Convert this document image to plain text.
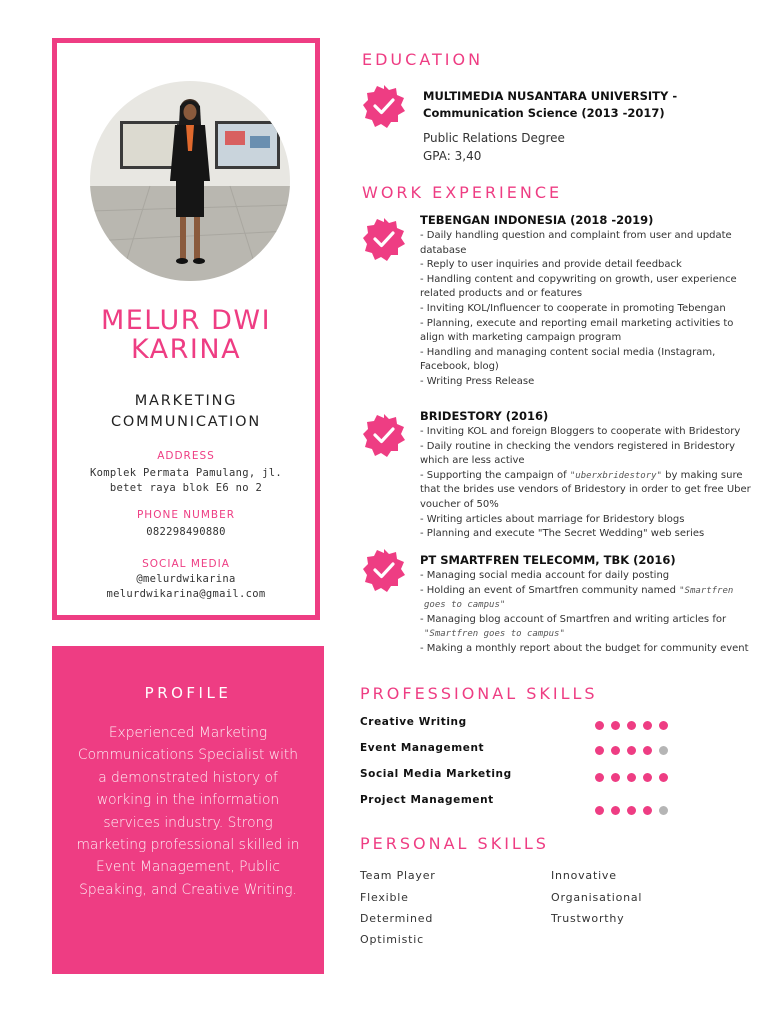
MELUR DWI
KARINA
MARKETING
COMMUNICATION
ADDRESS
Komplek Permata Pamulang, jl.
betet raya blok E6 no 2
PHONE NUMBER
082298490880
SOCIAL MEDIA
@melurdwikarina
melurdwikarina@gmail.com
PROFILE
Experienced Marketing Communications Specialist with a demonstrated history of working in the information services industry. Strong marketing professional skilled in Event Management, Public Speaking, and Creative Writing.
EDUCATION
MULTIMEDIA NUSANTARA UNIVERSITY -
Communication Science (2013 -2017)
Public Relations Degree
GPA: 3,40
WORK EXPERIENCE
TEBENGAN INDONESIA (2018 -2019)
- Daily handling question and complaint from user and update
database
- Reply to user inquiries and provide detail feedback
- Handling content and copywriting on growth, user experience
related products and or features
- Inviting KOL/Influencer to cooperate in promoting Tebengan
- Planning, execute and reporting email marketing activities to
align with marketing campaign program
- Handling and managing content social media (Instagram,
Facebook, blog)
- Writing Press Release
BRIDESTORY (2016)
- Inviting KOL and foreign Bloggers to cooperate with Bridestory
- Daily routine in checking the vendors registered in Bridestory
which are less active
- Supporting the campaign of "uberxbridestory" by making sure
that the brides use vendors of Bridestory in order to get free Uber
voucher of 50%
- Writing articles about marriage for Bridestory blogs
- Planning and execute "The Secret Wedding" web series
PT SMARTFREN TELECOMM, TBK (2016)
- Managing social media account for daily posting
- Holding an event of Smartfren community named "Smartfren
goes to campus"
- Managing blog account of Smartfren and writing articles for
"Smartfren goes to campus"
- Making a monthly report about the budget for community event
PROFESSIONAL SKILLS
Creative Writing
Event Management
Social Media Marketing
Project Management
PERSONAL SKILLS
Team Player
Flexible
Determined
Optimistic
Innovative
Organisational
Trustworthy
